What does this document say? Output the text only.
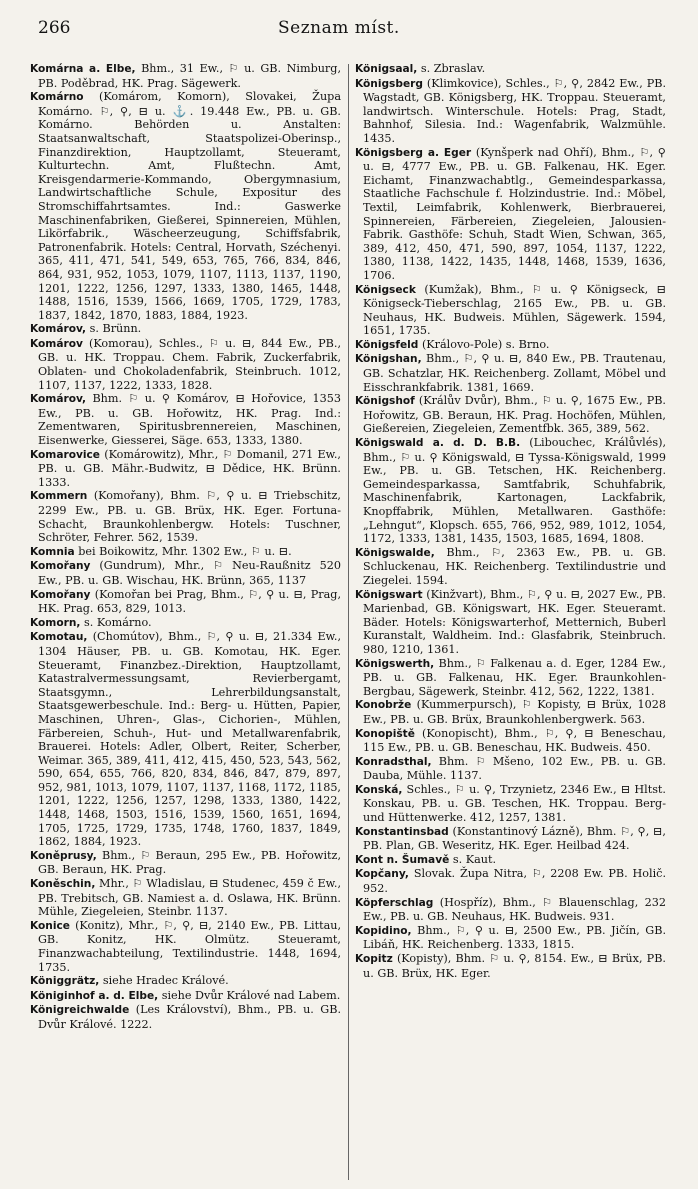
266	Seznam míst.

Komárna a. Elbe, Bhm., 31 Ew., ⚐ u. GB. Nimburg, PB. Poděbrad, HK. Prag. Sägewerk.

Komárno (Komárom, Komorn), Slovakei, Župa Komárno. ⚐, ⚲, ⊟ u. ⚓. 19.448 Ew., PB. u. GB. Komárno. Behörden u. Anstalten: Staatsanwaltschaft, Staatspolizei-Oberinsp., Finanzdirektion, Hauptzollamt, Steueramt, Kulturtechn. Amt, Flußtechn. Amt, Kreisgendarmerie-Kommando, Obergymnasium, Landwirtschaftliche Schule, Expositur des Stromschiffahrtsamtes. Ind.: Gaswerke Maschinenfabriken, Gießerei, Spinnereien, Mühlen, Likörfabrik., Wäscheerzeugung, Schiffsfabrik, Patronenfabrik. Hotels: Central, Horvath, Széchenyi. 365, 411, 471, 541, 549, 653, 765, 766, 834, 846, 864, 931, 952, 1053, 1079, 1107, 1113, 1137, 1190, 1201, 1222, 1256, 1297, 1333, 1380, 1465, 1448, 1488, 1516, 1539, 1566, 1669, 1705, 1729, 1783, 1837, 1842, 1870, 1883, 1884, 1923.

Komárov, s. Brünn.

Komárov (Komorau), Schles., ⚐ u. ⊟, 844 Ew., PB., GB. u. HK. Troppau. Chem. Fabrik, Zuckerfabrik, Oblaten- und Chokoladenfabrik, Steinbruch. 1012, 1107, 1137, 1222, 1333, 1828.

Komárov, Bhm. ⚐ u. ⚲ Komárov, ⊟ Hořovice, 1353 Ew., PB. u. GB. Hořowitz, HK. Prag. Ind.: Zementwaren, Spiritusbrennereien, Maschinen, Eisenwerke, Giesserei, Säge. 653, 1333, 1380.

Komarovice (Komárowitz), Mhr., ⚐ Domanil, 271 Ew., PB. u. GB. Mähr.-Budwitz, ⊟ Dědice, HK. Brünn. 1333.

Kommern (Komořany), Bhm. ⚐, ⚲ u. ⊟ Triebschitz, 2299 Ew., PB. u. GB. Brüx, HK. Eger. Fortuna-Schacht, Braunkohlenbergw. Hotels: Tuschner, Schröter, Fehrer. 562, 1539.

Komnia bei Boikowitz, Mhr. 1302 Ew., ⚐ u. ⊟.

Komořany (Gundrum), Mhr., ⚐ Neu-Raußnitz 520 Ew., PB. u. GB. Wischau, HK. Brünn, 365, 1137

Komořany (Komořan bei Prag, Bhm., ⚐, ⚲ u. ⊟, Prag, HK. Prag. 653, 829, 1013.

Komorn, s. Komárno.

Komotau, (Chomútov), Bhm., ⚐, ⚲ u. ⊟, 21.334 Ew., 1304 Häuser, PB. u. GB. Komotau, HK. Eger. Steueramt, Finanzbez.-Direktion, Hauptzollamt, Katastralvermessungsamt, Revierbergamt, Staatsgymn., Lehrerbildungsanstalt, Staatsgewerbeschule. Ind.: Berg- u. Hütten, Papier, Maschinen, Uhren-, Glas-, Cichorien-, Mühlen, Färbereien, Schuh-, Hut- und Metallwarenfabrik, Brauerei. Hotels: Adler, Olbert, Reiter, Scherber, Weimar. 365, 389, 411, 412, 415, 450, 523, 543, 562, 590, 654, 655, 766, 820, 834, 846, 847, 879, 897, 952, 981, 1013, 1079, 1107, 1137, 1168, 1172, 1185, 1201, 1222, 1256, 1257, 1298, 1333, 1380, 1422, 1448, 1468, 1503, 1516, 1539, 1560, 1651, 1694, 1705, 1725, 1729, 1735, 1748, 1760, 1837, 1849, 1862, 1884, 1923.

Koněprusy, Bhm., ⚐ Beraun, 295 Ew., PB. Hořowitz, GB. Beraun, HK. Prag.

Koněschin, Mhr., ⚐ Wladislau, ⊟ Studenec, 459 č Ew., PB. Trebitsch, GB. Namiest a. d. Oslawa, HK. Brünn. Mühle, Ziegeleien, Steinbr. 1137.

Konice (Konitz), Mhr., ⚐, ⚲, ⊟, 2140 Ew., PB. Littau, GB. Konitz, HK. Olmütz. Steueramt, Finanzwachabteilung, Textilindustrie. 1448, 1694, 1735.

Königgrätz, siehe Hradec Králové.

Königinhof a. d. Elbe, siehe Dvůr Králové nad Labem.

Königreichwalde (Les Království), Bhm., PB. u. GB. Dvůr Králové. 1222.

Königsaal, s. Zbraslav.

Königsberg (Klimkovice), Schles., ⚐, ⚲, 2842 Ew., PB. Wagstadt, GB. Königsberg, HK. Troppau. Steueramt, landwirtsch. Winterschule. Hotels: Prag, Stadt, Bahnhof, Silesia. Ind.: Wagenfabrik, Walzmühle. 1435.

Königsberg a. Eger (Kynšperk nad Ohří), Bhm., ⚐, ⚲ u. ⊟, 4777 Ew., PB. u. GB. Falkenau, HK. Eger. Eichamt, Finanzwachabtlg., Gemeindesparkassa, Staatliche Fachschule f. Holzindustrie. Ind.: Möbel, Textil, Leimfabrik, Kohlenwerk, Bierbrauerei, Spinnereien, Färbereien, Ziegeleien, Jalousien-Fabrik. Gasthöfe: Schuh, Stadt Wien, Schwan, 365, 389, 412, 450, 471, 590, 897, 1054, 1137, 1222, 1380, 1138, 1422, 1435, 1448, 1468, 1539, 1636, 1706.

Königseck (Kumžak), Bhm., ⚐ u. ⚲ Königseck, ⊟ Königseck-Tieberschlag, 2165 Ew., PB. u. GB. Neuhaus, HK. Budweis. Mühlen, Sägewerk. 1594, 1651, 1735.

Königsfeld (Královo-Pole) s. Brno.

Königshan, Bhm., ⚐, ⚲ u. ⊟, 840 Ew., PB. Trautenau, GB. Schatzlar, HK. Reichenberg. Zollamt, Möbel und Eisschrankfabrik. 1381, 1669.

Königshof (Králův Dvůr), Bhm., ⚐ u. ⚲, 1675 Ew., PB. Hořowitz, GB. Beraun, HK. Prag. Hochöfen, Mühlen, Gießereien, Ziegeleien, Zementfbk. 365, 389, 562.

Königswald a. d. D. B.B. (Libouchec, Králůvlés), Bhm., ⚐ u. ⚲ Königswald, ⊟ Tyssa-Königswald, 1999 Ew., PB. u. GB. Tetschen, HK. Reichenberg. Gemeindesparkassa, Samtfabrik, Schuhfabrik, Maschinenfabrik, Kartonagen, Lackfabrik, Knopffabrik, Mühlen, Metallwaren. Gasthöfe: „Lehngut“, Klopsch. 655, 766, 952, 989, 1012, 1054, 1172, 1333, 1381, 1435, 1503, 1685, 1694, 1808.

Königswalde, Bhm., ⚐, 2363 Ew., PB. u. GB. Schluckenau, HK. Reichenberg. Textilindustrie und Ziegelei. 1594.

Königswart (Kinžvart), Bhm., ⚐, ⚲ u. ⊟, 2027 Ew., PB. Marienbad, GB. Königswart, HK. Eger. Steueramt. Bäder. Hotels: Königswarterhof, Metternich, Buberl Kuranstalt, Waldheim. Ind.: Glasfabrik, Steinbruch. 980, 1210, 1361.

Königswerth, Bhm., ⚐ Falkenau a. d. Eger, 1284 Ew., PB. u. GB. Falkenau, HK. Eger. Braunkohlen-Bergbau, Sägewerk, Steinbr. 412, 562, 1222, 1381.

Konobrže (Kummerpursch), ⚐ Kopisty, ⊟ Brüx, 1028 Ew., PB. u. GB. Brüx, Braunkohlenbergwerk. 563.

Konopiště (Konopischt), Bhm., ⚐, ⚲, ⊟ Beneschau, 115 Ew., PB. u. GB. Beneschau, HK. Budweis. 450.

Konradsthal, Bhm. ⚐ Mšeno, 102 Ew., PB. u. GB. Dauba, Mühle. 1137.

Konská, Schles., ⚐ u. ⚲, Trzynietz, 2346 Ew., ⊟ Hltst. Konskau, PB. u. GB. Teschen, HK. Troppau. Berg- und Hüttenwerke. 412, 1257, 1381.

Konstantinsbad (Konstantinový Lázně), Bhm. ⚐, ⚲, ⊟, PB. Plan, GB. Weseritz, HK. Eger. Heilbad 424.

Kont n. Šumavě s. Kaut.

Kopčany, Slovak. Župa Nitra, ⚐, 2208 Ew. PB. Holič. 952.

Köpferschlag (Hospříz), Bhm., ⚐ Blauenschlag, 232 Ew., PB. u. GB. Neuhaus, HK. Budweis. 931.

Kopidino, Bhm., ⚐, ⚲ u. ⊟, 2500 Ew., PB. Jičín, GB. Libáň, HK. Reichenberg. 1333, 1815.

Kopitz (Kopisty), Bhm. ⚐ u. ⚲, 8154. Ew., ⊟ Brüx, PB. u. GB. Brüx, HK. Eger.
